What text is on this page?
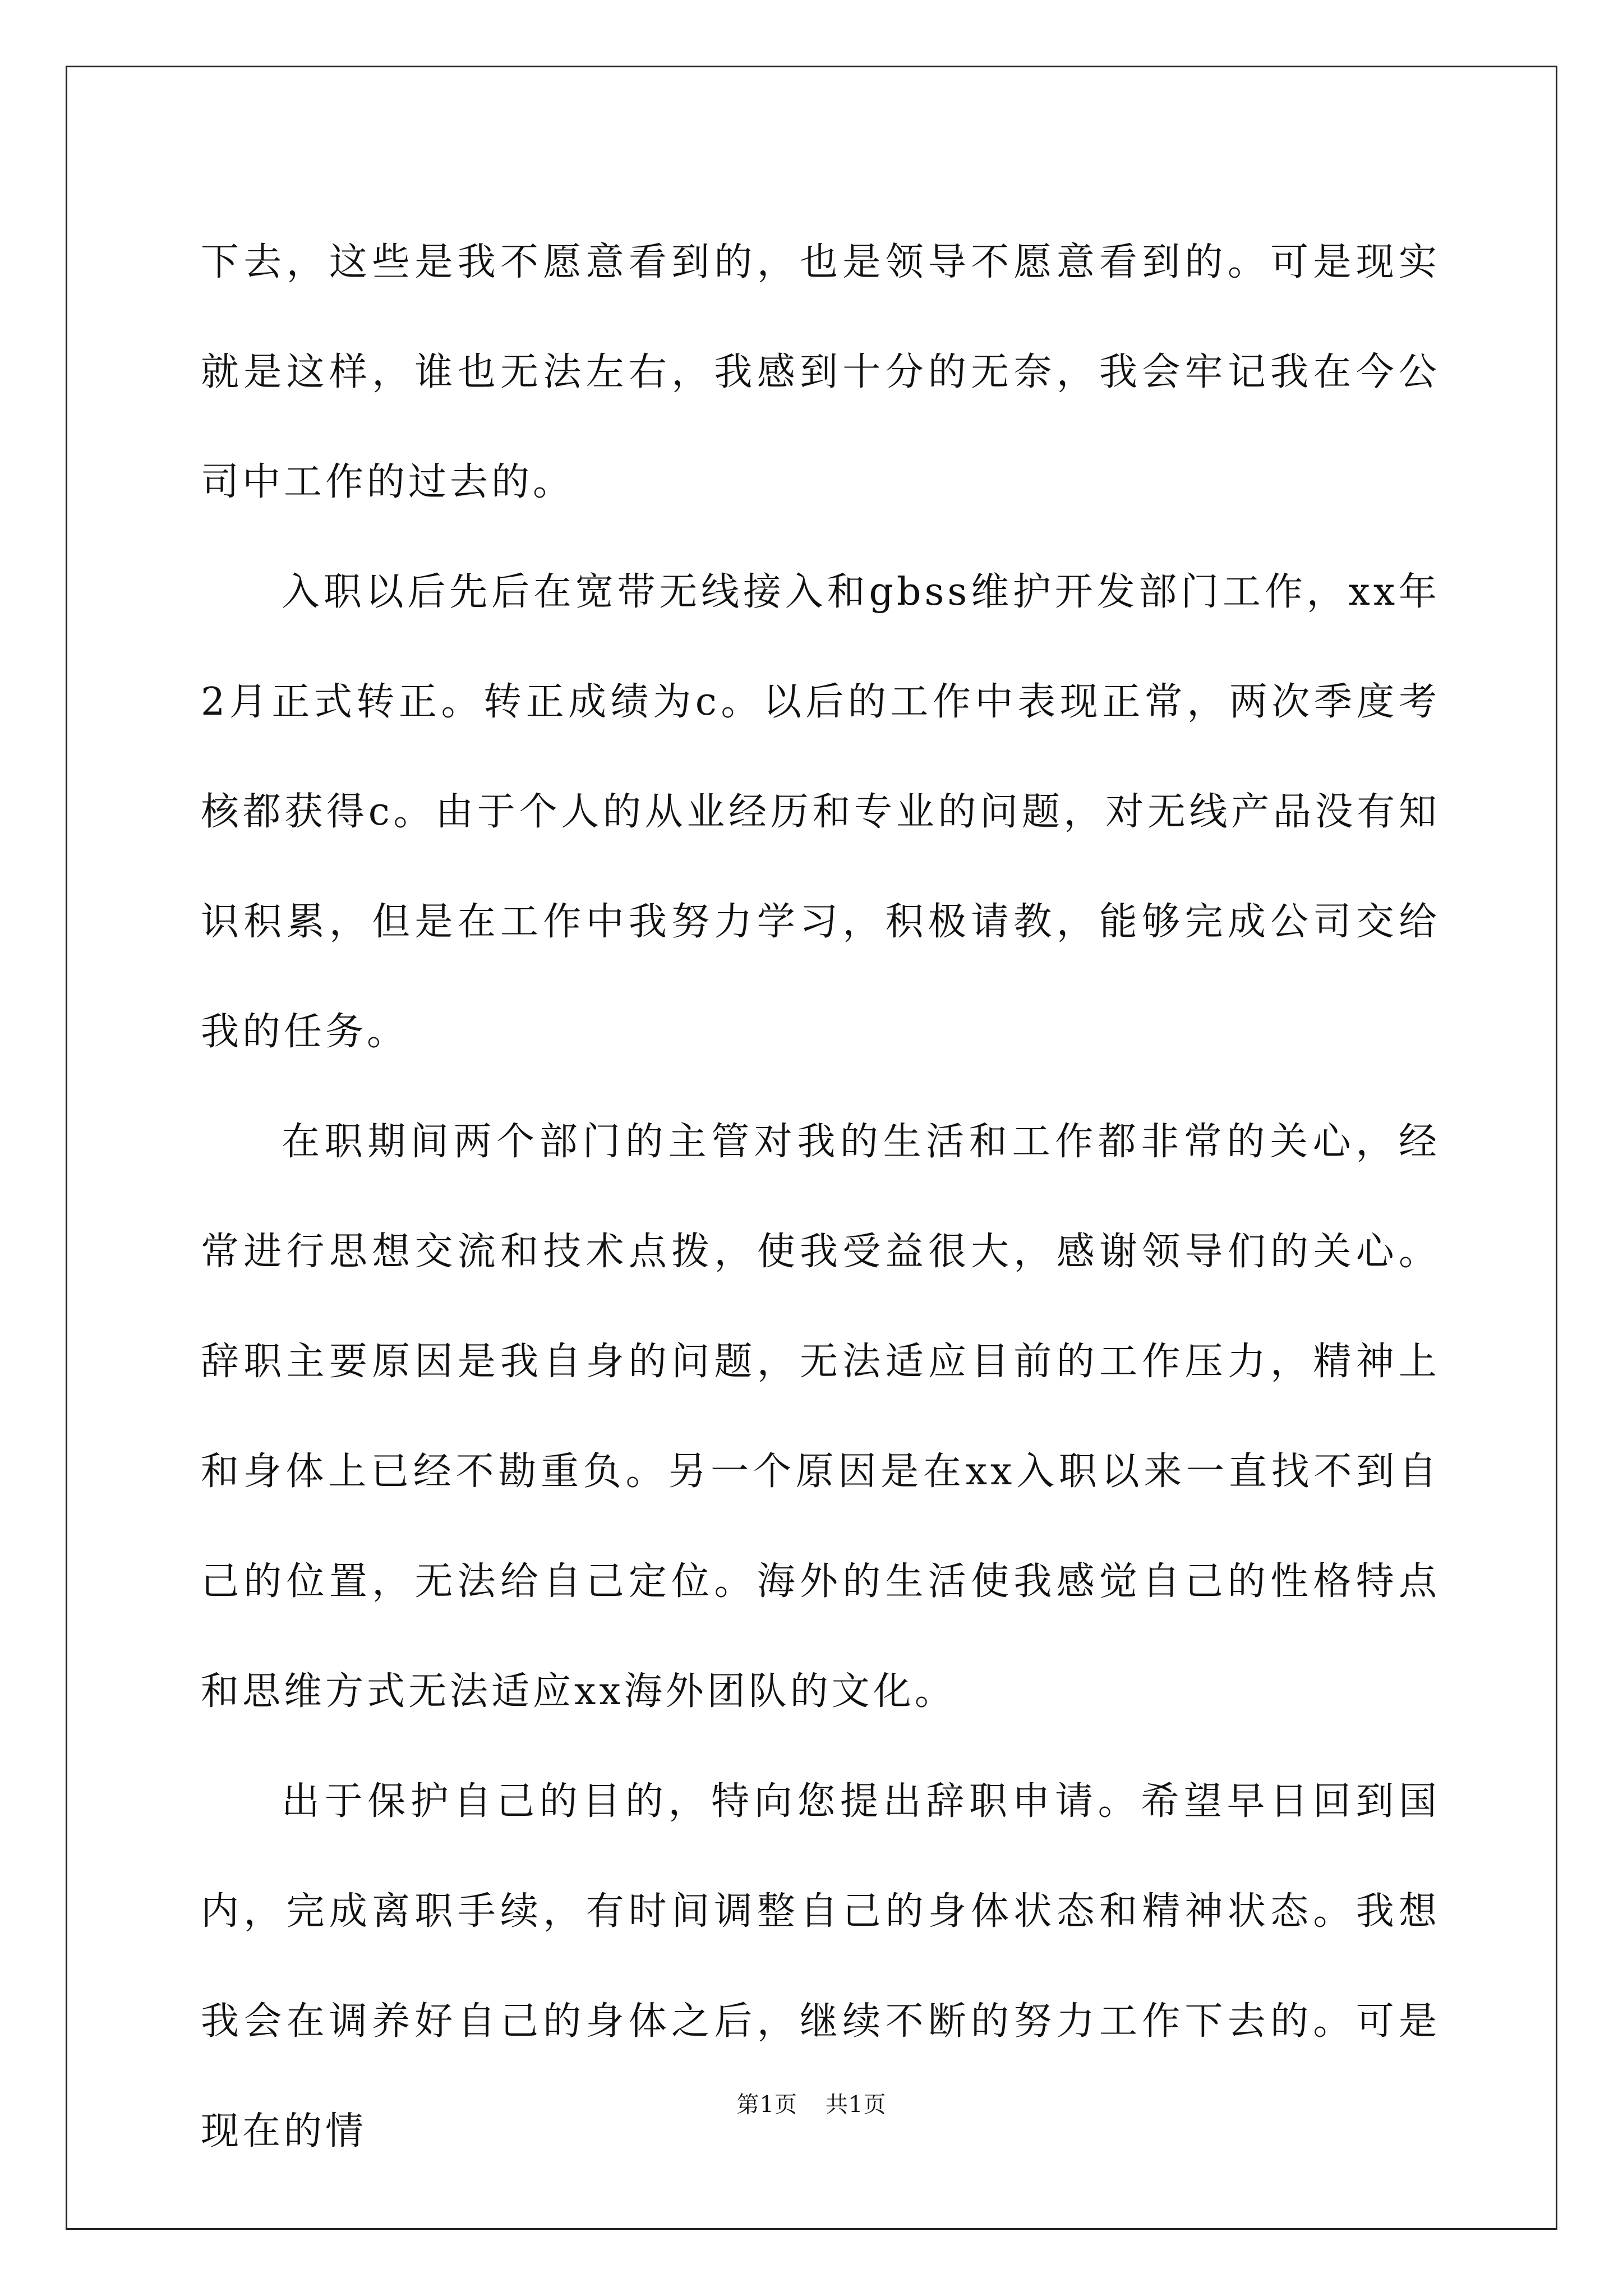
下去，这些是我不愿意看到的，也是领导不愿意看到的。可是现实就是这样，谁也无法左右，我感到十分的无奈，我会牢记我在今公司中工作的过去的。

入职以后先后在宽带无线接入和gbss维护开发部门工作，xx年2月正式转正。转正成绩为c。以后的工作中表现正常，两次季度考核都获得c。由于个人的从业经历和专业的问题，对无线产品没有知识积累，但是在工作中我努力学习，积极请教，能够完成公司交给我的任务。

在职期间两个部门的主管对我的生活和工作都非常的关心，经常进行思想交流和技术点拨，使我受益很大，感谢领导们的关心。辞职主要原因是我自身的问题，无法适应目前的工作压力，精神上和身体上已经不勘重负。另一个原因是在xx入职以来一直找不到自己的位置，无法给自己定位。海外的生活使我感觉自己的性格特点和思维方式无法适应xx海外团队的文化。

出于保护自己的目的，特向您提出辞职申请。希望早日回到国内，完成离职手续，有时间调整自己的身体状态和精神状态。我想我会在调养好自己的身体之后，继续不断的努力工作下去的。可是现在的情

第1页 共1页
